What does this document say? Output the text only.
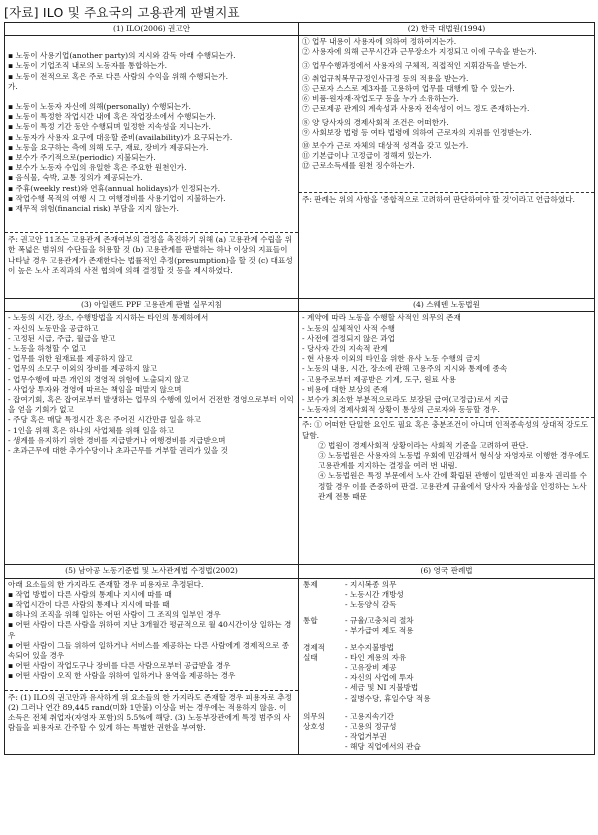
[자료] ILO 및 주요국의 고용관계 판별지표
(1) ILO(2006) 권고안	(2) 한국 대법원(1994)

▪ 노동이 사용기업(another party)의 지시와 감독 아래 수행되는가.
▪ 노동이 기업조직 내로의 노동자를 통합하는가.
▪ 노동이 전적으로 혹은 주로 다른 사람의 수익을 위해 수행되는가.
가.
▪ 노동이 노동자 자신에 의해(personally) 수행되는가.
▪ 노동이 특정한 작업시간 내에 혹은 작업장소에서 수행되는가.
▪ 노동이 특정 기간 동안 수행되며 일정한 지속성을 지니는가.
▪ 노동자가 사용자 요구에 대응할 준비(availability)가 요구되는가.
▪ 노동을 요구하는 측에 의해 도구, 재료, 장비가 제공되는가.
▪ 보수가 주기적으로(periodic) 지불되는가.
▪ 보수가 노동자 수입의 유일한 혹은 주요한 원천인가.
▪ 음식물, 숙박, 교통 징의가 제공되는가.
▪ 주휴(weekly rest)와 연휴(annual holidays)가 인정되는가.
▪ 작업수행 목적의 여행 시 그 여행경비를 사용기업이 지불하는가.
▪ 재무적 위험(financial risk) 부담을 지지 않는가.
주: 권고안 11조는 고용관계 존재여부의 결정을 촉진하기 위해 (a) 고용관계 수립을 위한 폭넓은 범위의 수단들을 허용할 것 (b) 고용관계를 판별하는 하나 이상의 지표들이 나타날 경우 고용관계가 존재한다는 법률적인 추정(presumption)을 할 것 (c) 대표성이 높은 노사 조직과의 사전 협의에 의해 결정할 것 등을 제시하였다.

① 업무 내용이 사용자에 의하여 정하여지는가.
② 사용자에 의해 근무시간과 근무장소가 지정되고 이에 구속을 받는가.
③ 업무수행과정에서 사용자의 구체적, 직접적인 지휘감독을 받는가.
④ 취업규칙복무규정인사규정 등의 적용을 받는가.
⑤ 근로자 스스로 제3자를 고용하여 업무를 대행케 할 수 있는가.
⑥ 비품·원자재·작업도구 등을 누가 소유하는가.
⑦ 근로제공 관계의 계속성과 사용자 전속성이 어느 정도 존재하는가.
⑧ 양 당사자의 경제사회적 조건은 어떠한가.
⑨ 사회보장 법령 등 여타 법령에 의하여 근로자의 지위를 인정받는가.
⑩ 보수가 근로 자체의 대상적 성격을 갖고 있는가.
⑪ 기본급이나 고정급이 정해져 있는가.
⑫ 근로소득세를 원천 징수하는가.
주: 판례는 위의 사항을 '종합적으로 고려하여 판단하여야 할 것'이라고 언급하였다.

(3) 아일랜드 PPF 고용관계 판별 실무지침	(4) 스웨덴 노동법원

- 노동의 시간, 장소, 수행방법을 지시하는 타인의 통제하에서
- 자신의 노동만을 공급하고
- 고정된 시급, 주급, 월급을 받고
- 노동을 하청할 수 없고
- 업무를 위한 원재료를 제공하지 않고
- 업무의 소모구 이외의 장비를 제공하지 않고
- 업무수행에 따른 개인의 경영적 위험에 노출되지 않고
- 사업상 투자와 경영에 따르는 책임을 떠맡지 않으며
- 잡여기회, 혹은 잡여로부터 발생하는 업무의 수행에 있어서 건전한 경영으로부터 이익을 얻을 기회가 없고
- 주당 혹은 매달 특정시간 혹은 주어진 시간만큼 일을 하고
- 1인을 위해 혹은 하나의 사업체를 위해 일을 하고
- 생계를 유지하기 위한 경비를 지급받거나 여행경비를 지급받으며
- 초과근무에 대한 추가수당이나 초과근무를 거부할 권리가 있을 것

- 계약에 따라 노동을 수행할 사적인 의무의 존재
- 노동의 실체적인 사적 수행
- 사전에 결정되지 않은 과업
- 당사자 간의 지속적 관계
- 현 사용자 이외의 타인을 위한 유사 노동 수행의 금지
- 노동의 내용, 시간, 장소에 관해 고용주의 지시와 통제에 종속
- 고용주로부터 제공받은 기계, 도구, 원료 사용
- 비용에 대한 보상의 존재
- 보수가 최소한 부분적으로라도 보장된 급여(고정급)로서 지급
- 노동자의 경제사회적 상황이 통상의 근로자와 동등할 경우.
주: ① 어떠한 단일한 요인도 필요 혹은 충분조건이 아니며 인적종속성의 상대적 강도도 달함.
② 법원이 경제사회적 상황이라는 사회적 기준을 고려하여 판단.
③ 노동법원은 사용자의 노동법 우회에 민감해서 형식상 자영자로 이행한 경우에도 고용관계를 지지하는 결정을 여러 번 내림.
④ 노동법원은 특정 부문에서 노사 간에 확립된 관행이 일반적인 피용자 권리를 수정할 경우 이를 존중하여 판결. 고용관계 규율에서 당사자 자율성을 인정하는 노사관계 전통 때문

(5) 남아공 노동기준법 및 노사관계법 수정법(2002)	(6) 영국 판례법

아래 요소들의 한 가지라도 존재할 경우 피용자로 추정된다.
▪ 작업 방법이 다른 사람의 통제나 지시에 따를 때
▪ 작업시간이 다른 사람의 통제나 지시에 따를 때
▪ 하나의 조직을 위해 일하는 어떤 사람이 그 조직의 일부인 경우
▪ 어떤 사람이 다른 사람을 위하여 지난 3개월간 평균적으로 월 40시간이상 일하는 경우
▪ 어떤 사람이 그들 위하여 일하거나 서비스를 제공하는 다른 사람에게 경제적으로 종속되어 있을 경우
▪ 어떤 사람이 작업도구나 장비를 다른 사람으로부터 공급받을 경우
▪ 어떤 사람이 오직 한 사람을 위하여 일하거나 용역을 제공하는 경우
주: (1) ILO의 권고안과 유사하게 위 요소들의 한 가지라도 존재할 경우 피용자로 추정 (2) 그러나 연간 89,445 rand(미화 1만불) 이상을 버는 경우에는 적용하지 않음. 이 소득은 전체 취업자(자영자 포함)의 5.5%에 해당. (3) 노동부장관에게 특정 범주의 사람들을 피용자로 간주할 수 있게 하는 특별한 권한을 부여함.

통제	- 지시복종 의무
- 노동시간 개방성
- 노동양식 감독

통합	- 규율/고충처리 절차
- 부가급여 제도 적용

경제적
실태	
- 보수지불방법
- 타인 계용의 자유
- 고유장비 제공
- 자신의 사업에 투자
- 세금 및 NI 지불방법
- 질병수당, 휴일수당 적용

의무의
상호성	
- 고용지속기간
- 고용의 정규성
- 작업거부권
- 해당 직업에서의 관습
